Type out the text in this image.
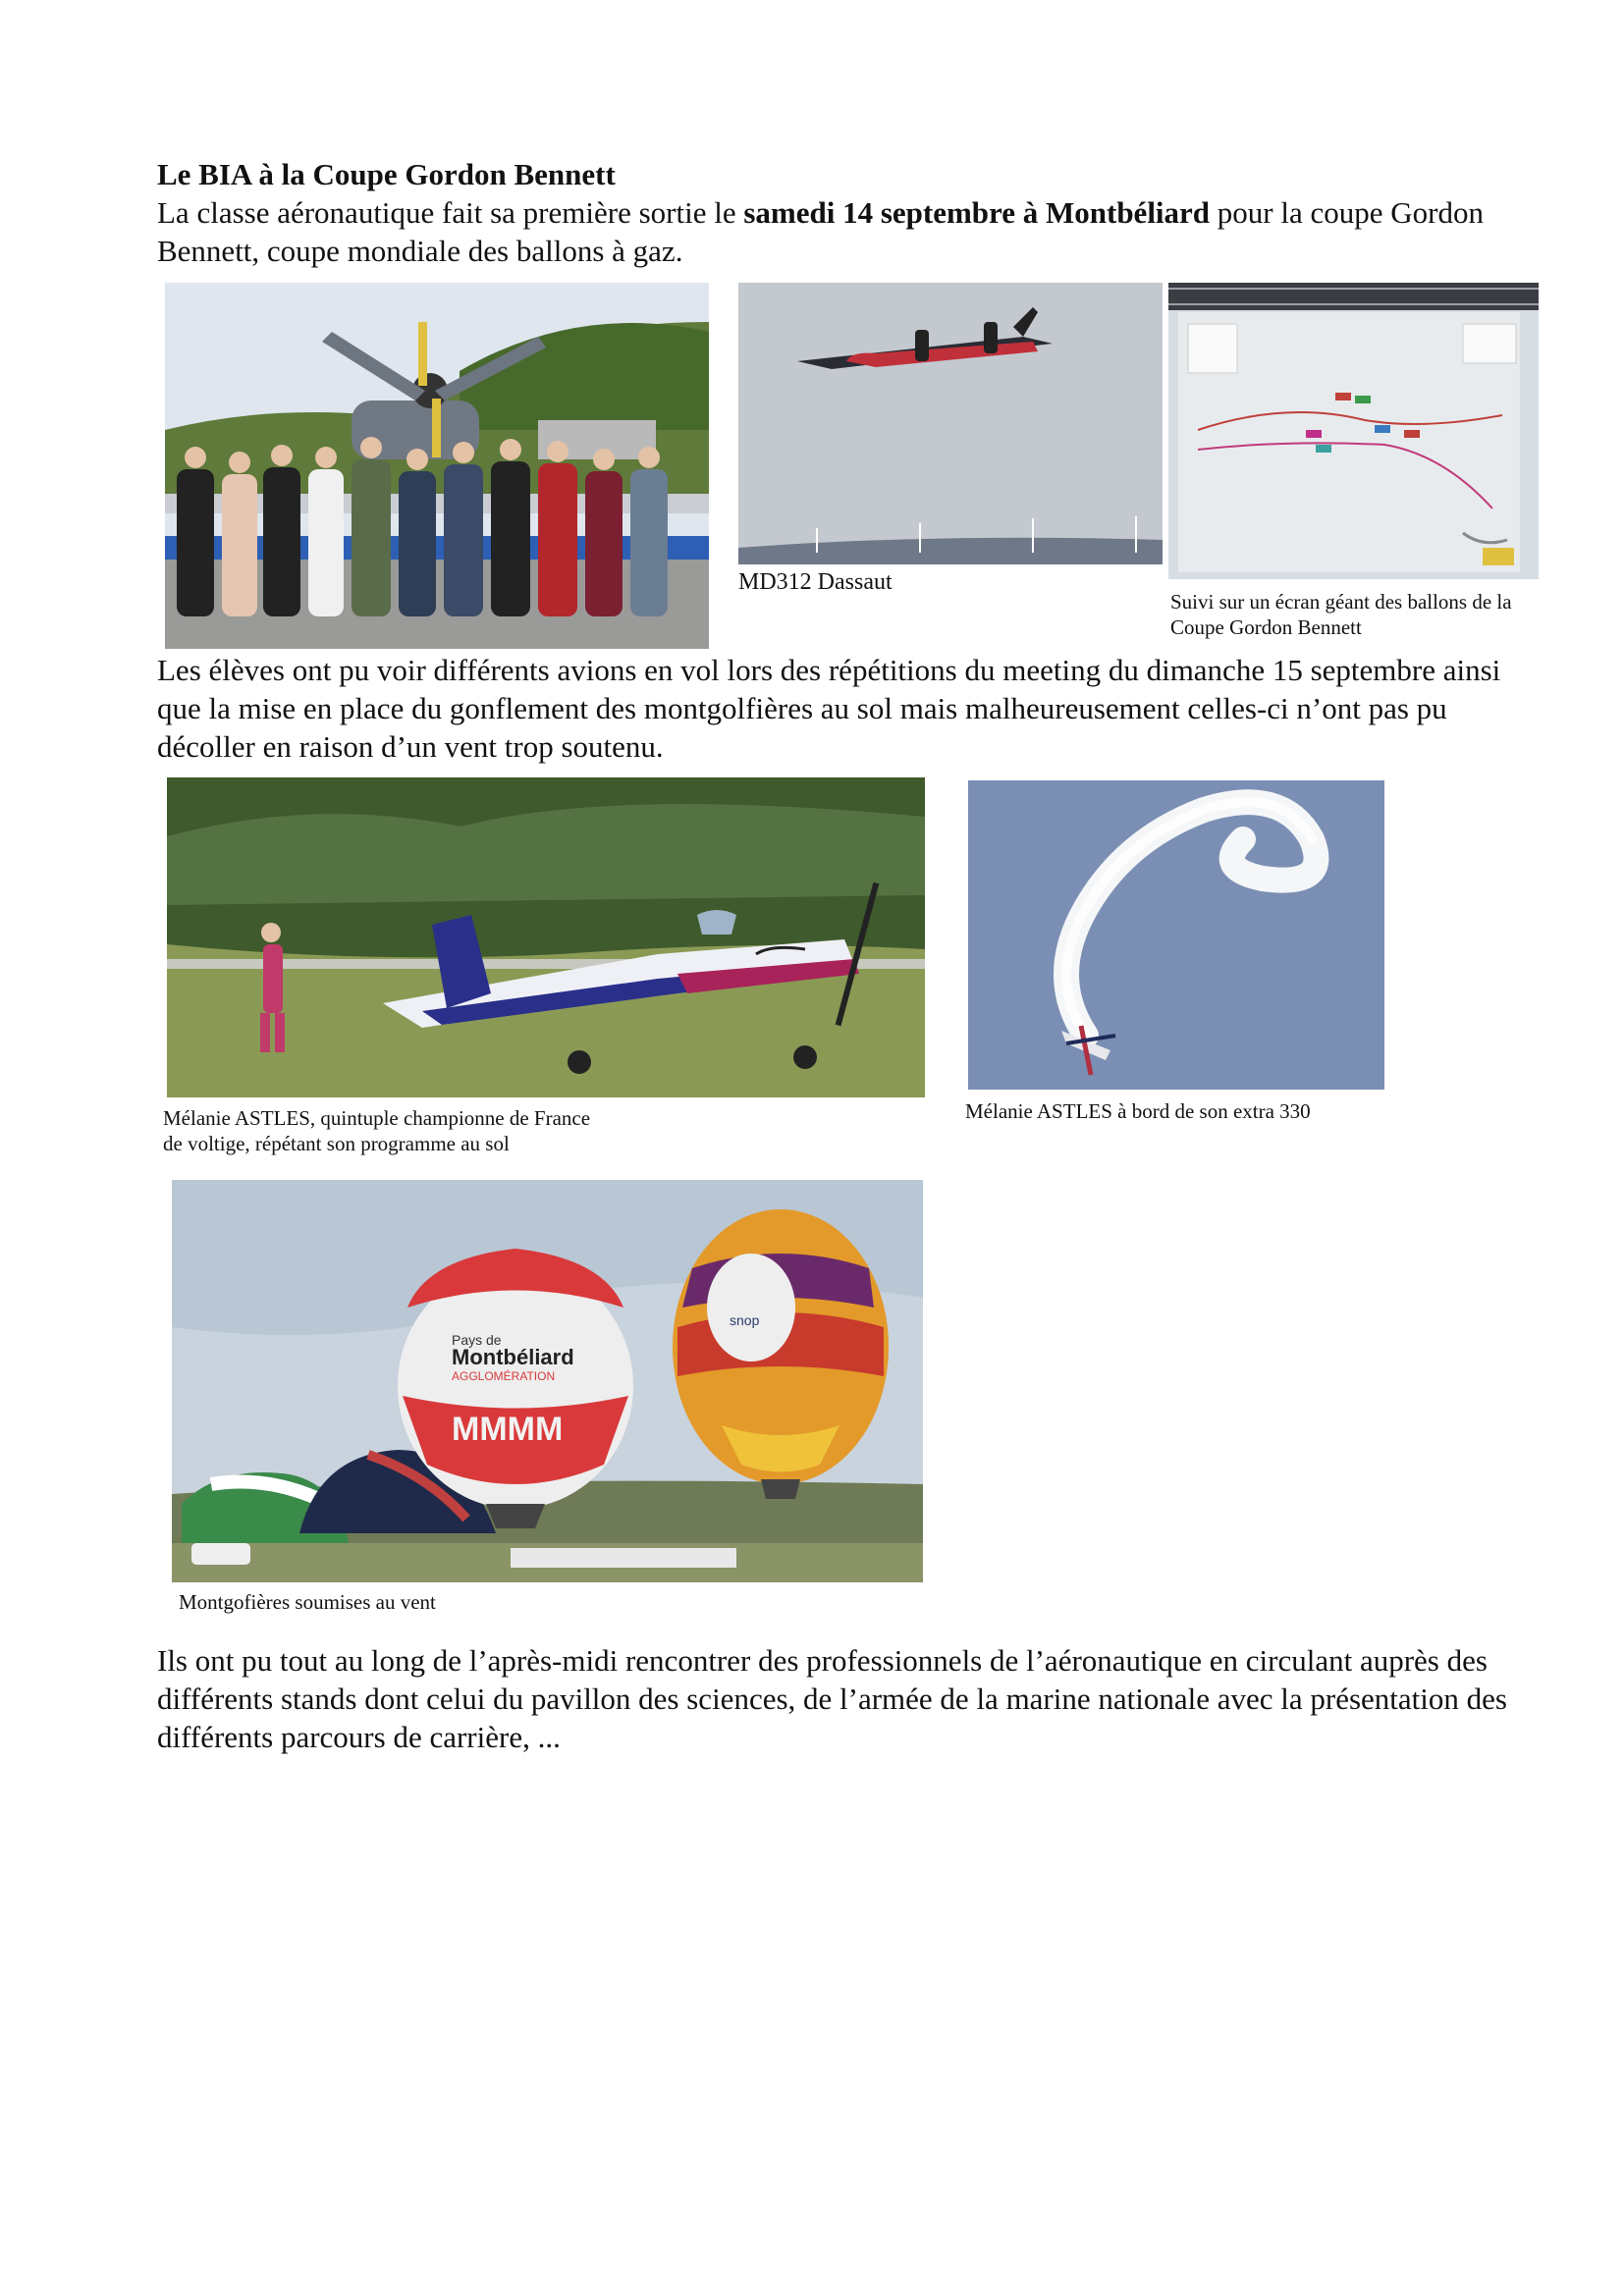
Le BIA à la Coupe Gordon Bennett
La classe aéronautique fait sa première sortie le samedi 14 septembre à Montbéliard pour la coupe Gordon Bennett, coupe mondiale des ballons à gaz.
MD312 Dassaut
Suivi sur un écran géant des ballons de la
Coupe Gordon Bennett
Les élèves ont pu voir différents avions en vol lors des répétitions du meeting du dimanche 15 septembre ainsi que la mise en place du gonflement des montgolfières au sol mais malheureusement celles-ci n’ont pas pu décoller en raison d’un vent trop soutenu.
Mélanie ASTLES, quintuple championne de France
de voltige, répétant son programme au sol
Mélanie ASTLES à bord de son extra 330
Pays de
Montbéliard
AGGLOMÉRATION
MMMM
snop
Montgofières soumises au vent
Ils ont pu tout au long de l’après-midi rencontrer des professionnels de l’aéronautique en circulant auprès des différents stands dont celui du pavillon des sciences, de l’armée de la marine nationale avec la présentation des différents parcours de carrière, ...
